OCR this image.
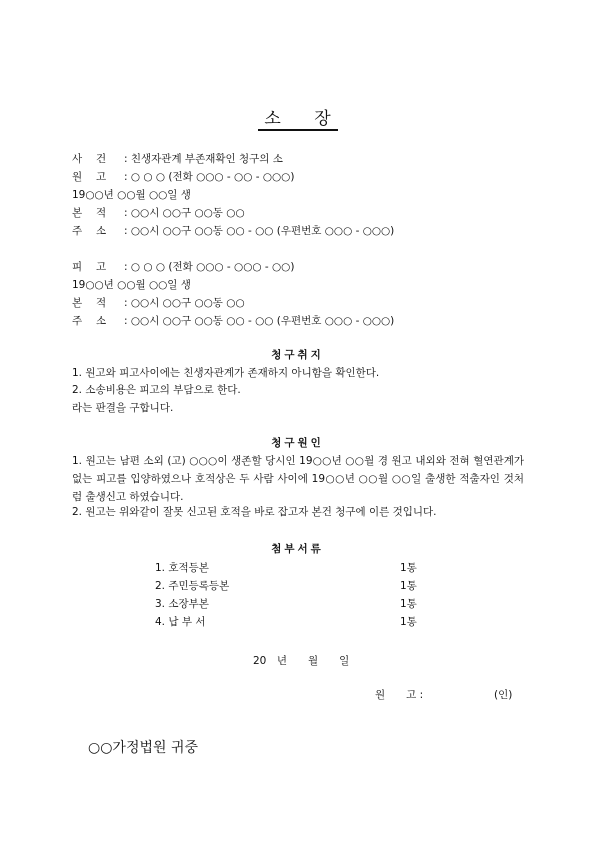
소 장
사　 건 : 친생자관계 부존재확인 청구의 소
원　 고 : ○ ○ ○ (전화 ○○○ - ○○ - ○○○)
19○○년 ○○월 ○○일 생
본　 적 : ○○시 ○○구 ○○동 ○○
주　 소 : ○○시 ○○구 ○○동 ○○ - ○○ (우편번호 ○○○ - ○○○)
피　 고 : ○ ○ ○ (전화 ○○○ - ○○○ - ○○)
19○○년 ○○월 ○○일 생
본　 적 : ○○시 ○○구 ○○동 ○○
주　 소 : ○○시 ○○구 ○○동 ○○ - ○○ (우편번호 ○○○ - ○○○)
청구취지
1. 원고와 피고사이에는 친생자관계가 존재하지 아니함을 확인한다.
2. 소송비용은 피고의 부담으로 한다.
라는 판결을 구합니다.
청구원인
1. 원고는 남편 소외 (고) ○○○이 생존할 당시인 19○○년 ○○월 경 원고 내외와 전혀 혈연관계가 없는 피고를 입양하였으나 호적상은 두 사람 사이에 19○○년 ○○월 ○○일 출생한 적출자인 것처럼 출생신고 하였습니다.
2. 원고는 위와같이 잘못 신고된 호적을 바로 잡고자 본건 청구에 이른 것입니다.
첨부서류
1. 호적등본	1통
2. 주민등록등본	1통
3. 소장부본	1통
4. 납 부 서	1통
20　년　　월　　일
원　　고 :	(인)
○○가정법원 귀중
